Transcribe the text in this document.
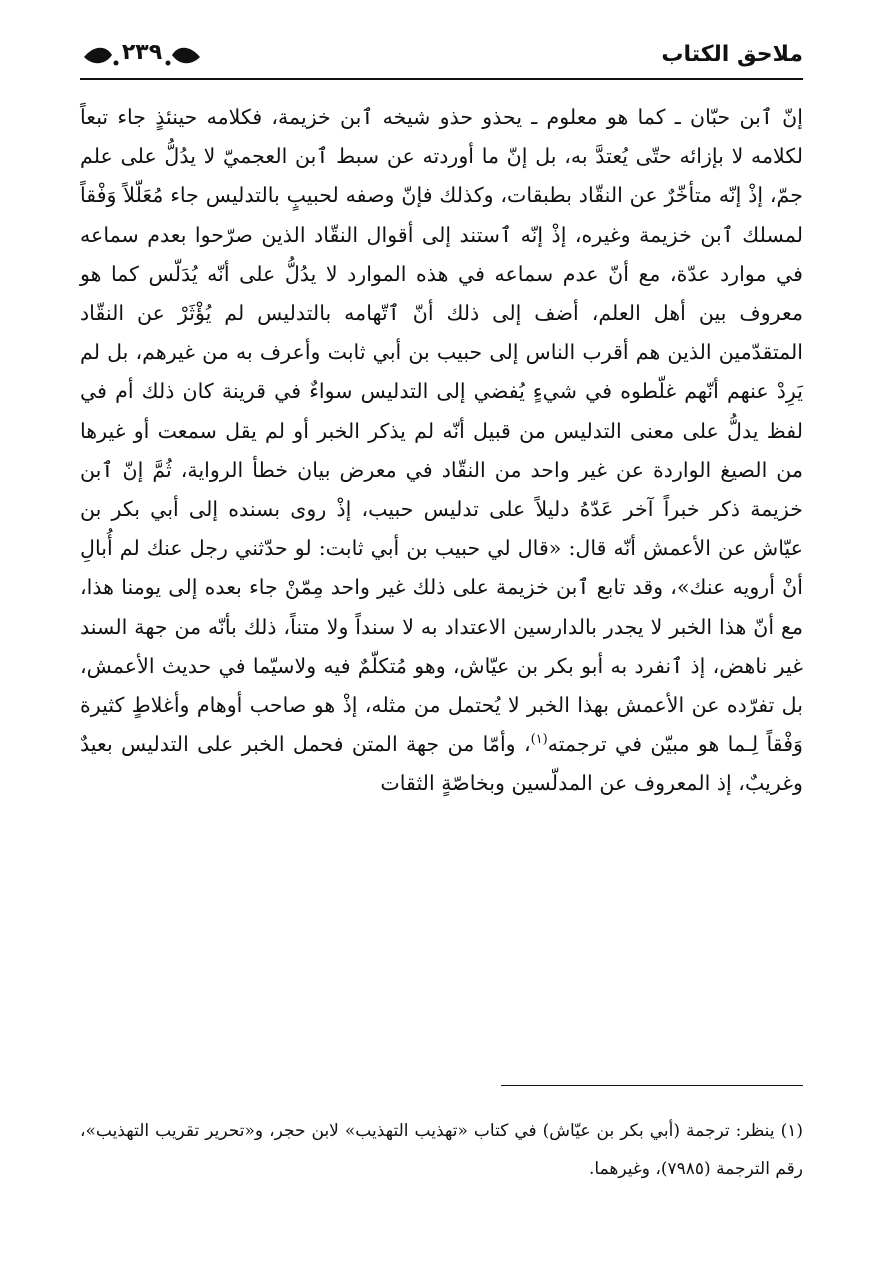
ملاحق الكتاب
٢٣٩

إنّ ٱبن حبّان ـ كما هو معلوم ـ يحذو حذو شيخه ٱبن خزيمة، فكلامه حينئذٍ جاء تبعاً لكلامه لا بإزائه حتّى يُعتدَّ به، بل إنّ ما أوردته عن سبط ٱبن العجميّ لا يدُلُّ على علم جمّ، إذْ إنّه متأخّرٌ عن النقّاد بطبقات، وكذلك فإنّ وصفه لحبيبٍ بالتدليس جاء مُعَلّلاً وَفْقاً لمسلك ٱبن خزيمة وغيره، إذْ إنّه ٱستند إلى أقوال النقّاد الذين صرّحوا بعدم سماعه في موارد عدّة، مع أنّ عدم سماعه في هذه الموارد لا يدُلُّ على أنّه يُدَلّس كما هو معروف بين أهل العلم، أضف إلى ذلك أنّ ٱتّهامه بالتدليس لم يُؤْثَرْ عن النقّاد المتقدّمين الذين هم أقرب الناس إلى حبيب بن أبي ثابت وأعرف به من غيرهم، بل لم يَرِدْ عنهم أنّهم غلّطوه في شيءٍ يُفضي إلى التدليس سواءٌ في قرينة كان ذلك أم في لفظ يدلُّ على معنى التدليس من قبيل أنّه لم يذكر الخبر أو لم يقل سمعت أو غيرها من الصيغ الواردة عن غير واحد من النقّاد في معرض بيان خطأ الرواية، ثُمَّ إنّ ٱبن خزيمة ذكر خبراً آخر عَدّهُ دليلاً على تدليس حبيب، إذْ روى بسنده إلى أبي بكر بن عيّاش عن الأعمش أنّه قال: «قال لي حبيب بن أبي ثابت: لو حدّثني رجل عنك لم أُبالِ أنْ أرويه عنك»، وقد تابع ٱبن خزيمة على ذلك غير واحد مِمّنْ جاء بعده إلى يومنا هذا، مع أنّ هذا الخبر لا يجدر بالدارسين الاعتداد به لا سنداً ولا متناً، ذلك بأنّه من جهة السند غير ناهض، إذ ٱنفرد به أبو بكر بن عيّاش، وهو مُتكلّمٌ فيه ولاسيّما في حديث الأعمش، بل تفرّده عن الأعمش بهذا الخبر لا يُحتمل من مثله، إذْ هو صاحب أوهام وأغلاطٍ كثيرة وَفْقاً لِـما هو مبيّن في ترجمته$^{(١)}$، وأمّا من جهة المتن فحمل الخبر على التدليس بعيدٌ وغريبٌ، إذ المعروف عن المدلّسين وبخاصّةٍ الثقات

(١) ينظر: ترجمة (أبي بكر بن عيّاش) في كتاب «تهذيب التهذيب» لابن حجر، و«تحرير تقريب التهذيب»، رقم الترجمة (٧٩٨٥)، وغيرهما.
